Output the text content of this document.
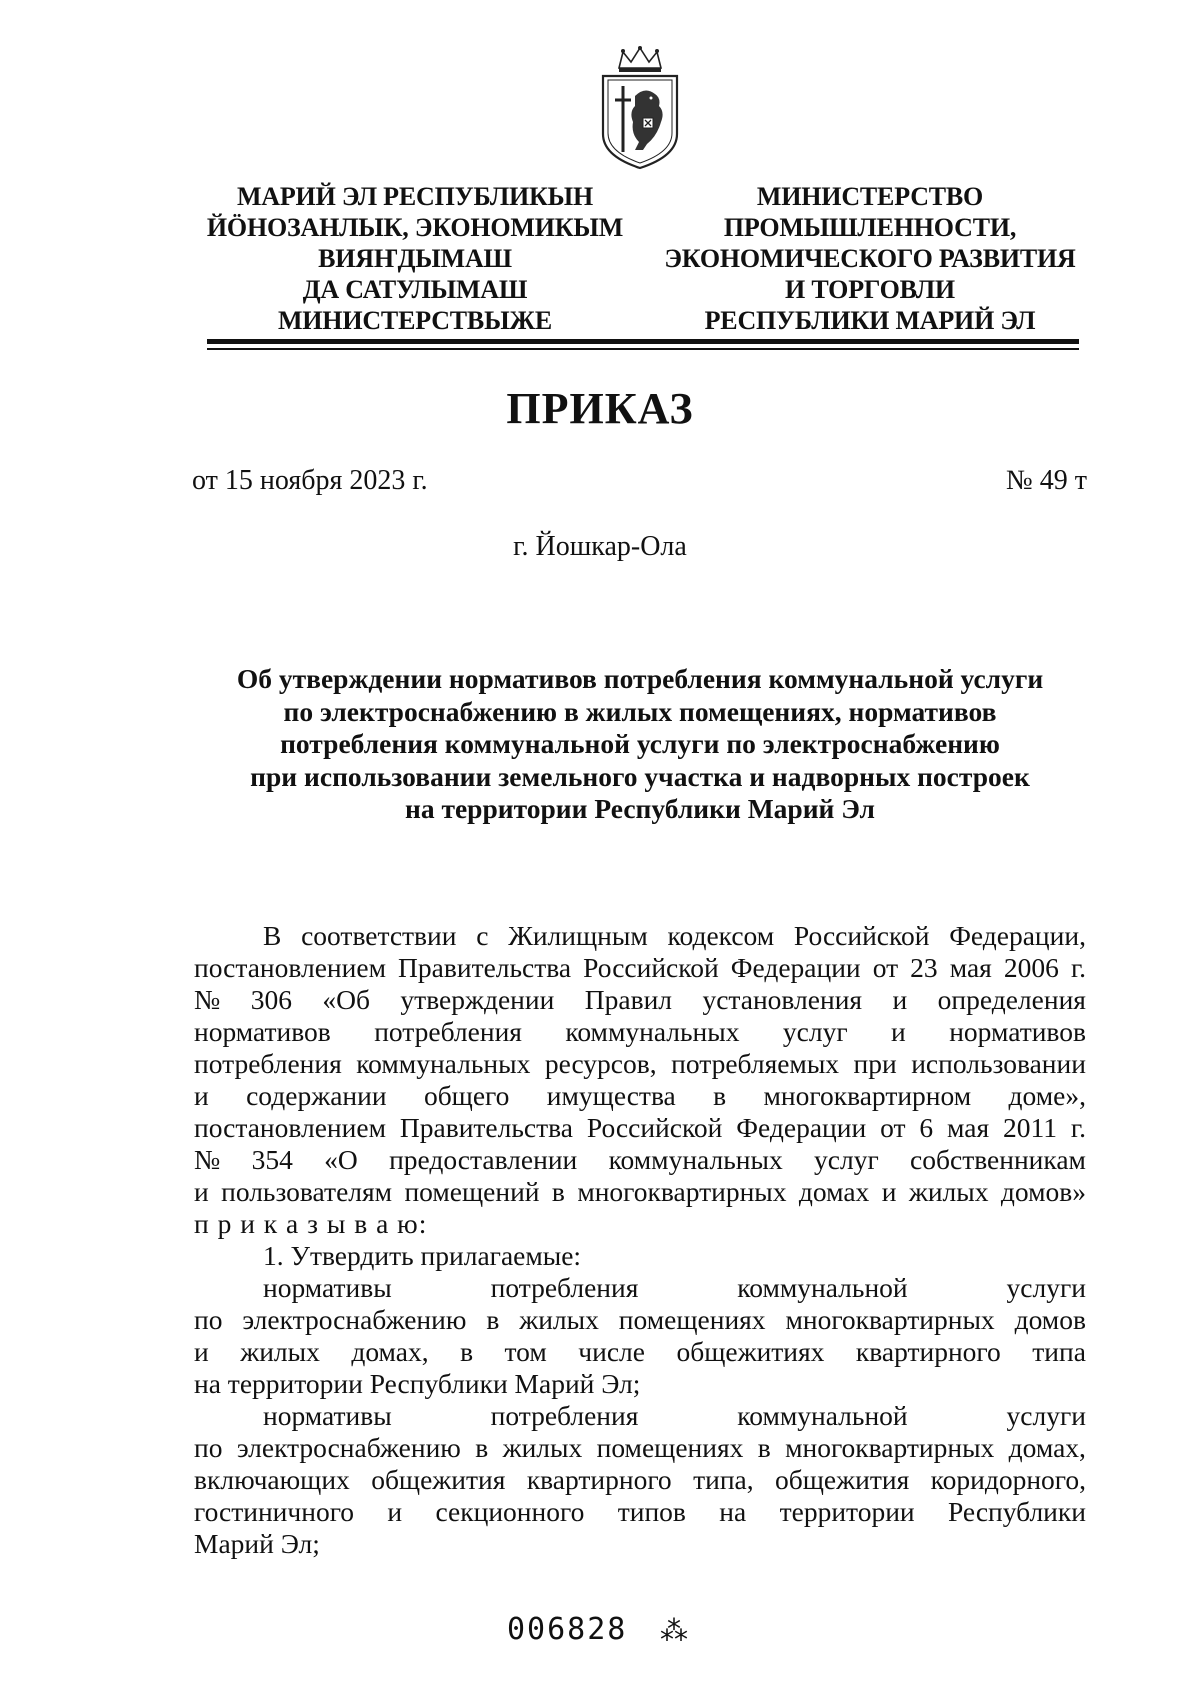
МАРИЙ ЭЛ РЕСПУБЛИКЫН
ЙӦНОЗАНЛЫК, ЭКОНОМИКЫМ
ВИЯҤДЫМАШ
ДА САТУЛЫМАШ
МИНИСТЕРСТВЫЖЕ
МИНИСТЕРСТВО
ПРОМЫШЛЕННОСТИ,
ЭКОНОМИЧЕСКОГО РАЗВИТИЯ
И ТОРГОВЛИ
РЕСПУБЛИКИ МАРИЙ ЭЛ
ПРИКАЗ
от 15 ноября 2023 г.	№ 49 т
г. Йошкар-Ола
Об утверждении нормативов потребления коммунальной услуги
по электроснабжению в жилых помещениях, нормативов
потребления коммунальной услуги по электроснабжению
при использовании земельного участка и надворных построек
на территории Республики Марий Эл
В соответствии с Жилищным кодексом Российской Федерации,
постановлением Правительства Российской Федерации от 23 мая 2006 г.
№ 306 «Об утверждении Правил установления и определения
нормативов потребления коммунальных услуг и нормативов
потребления коммунальных ресурсов, потребляемых при использовании
и содержании общего имущества в многоквартирном доме»,
постановлением Правительства Российской Федерации от 6 мая 2011 г.
№ 354 «О предоставлении коммунальных услуг собственникам
и пользователям помещений в многоквартирных домах и жилых домов»
п р и к а з ы в а ю:
1. Утвердить прилагаемые:
нормативы	потребления	коммунальной	услуги
по электроснабжению в жилых помещениях многоквартирных домов
и жилых домах, в том числе общежитиях квартирного типа
на территории Республики Марий Эл;
нормативы	потребления	коммунальной	услуги
по электроснабжению в жилых помещениях в многоквартирных домах,
включающих общежития квартирного типа, общежития коридорного,
гостиничного и секционного типов на территории Республики
Марий Эл;
006828 ⁂
